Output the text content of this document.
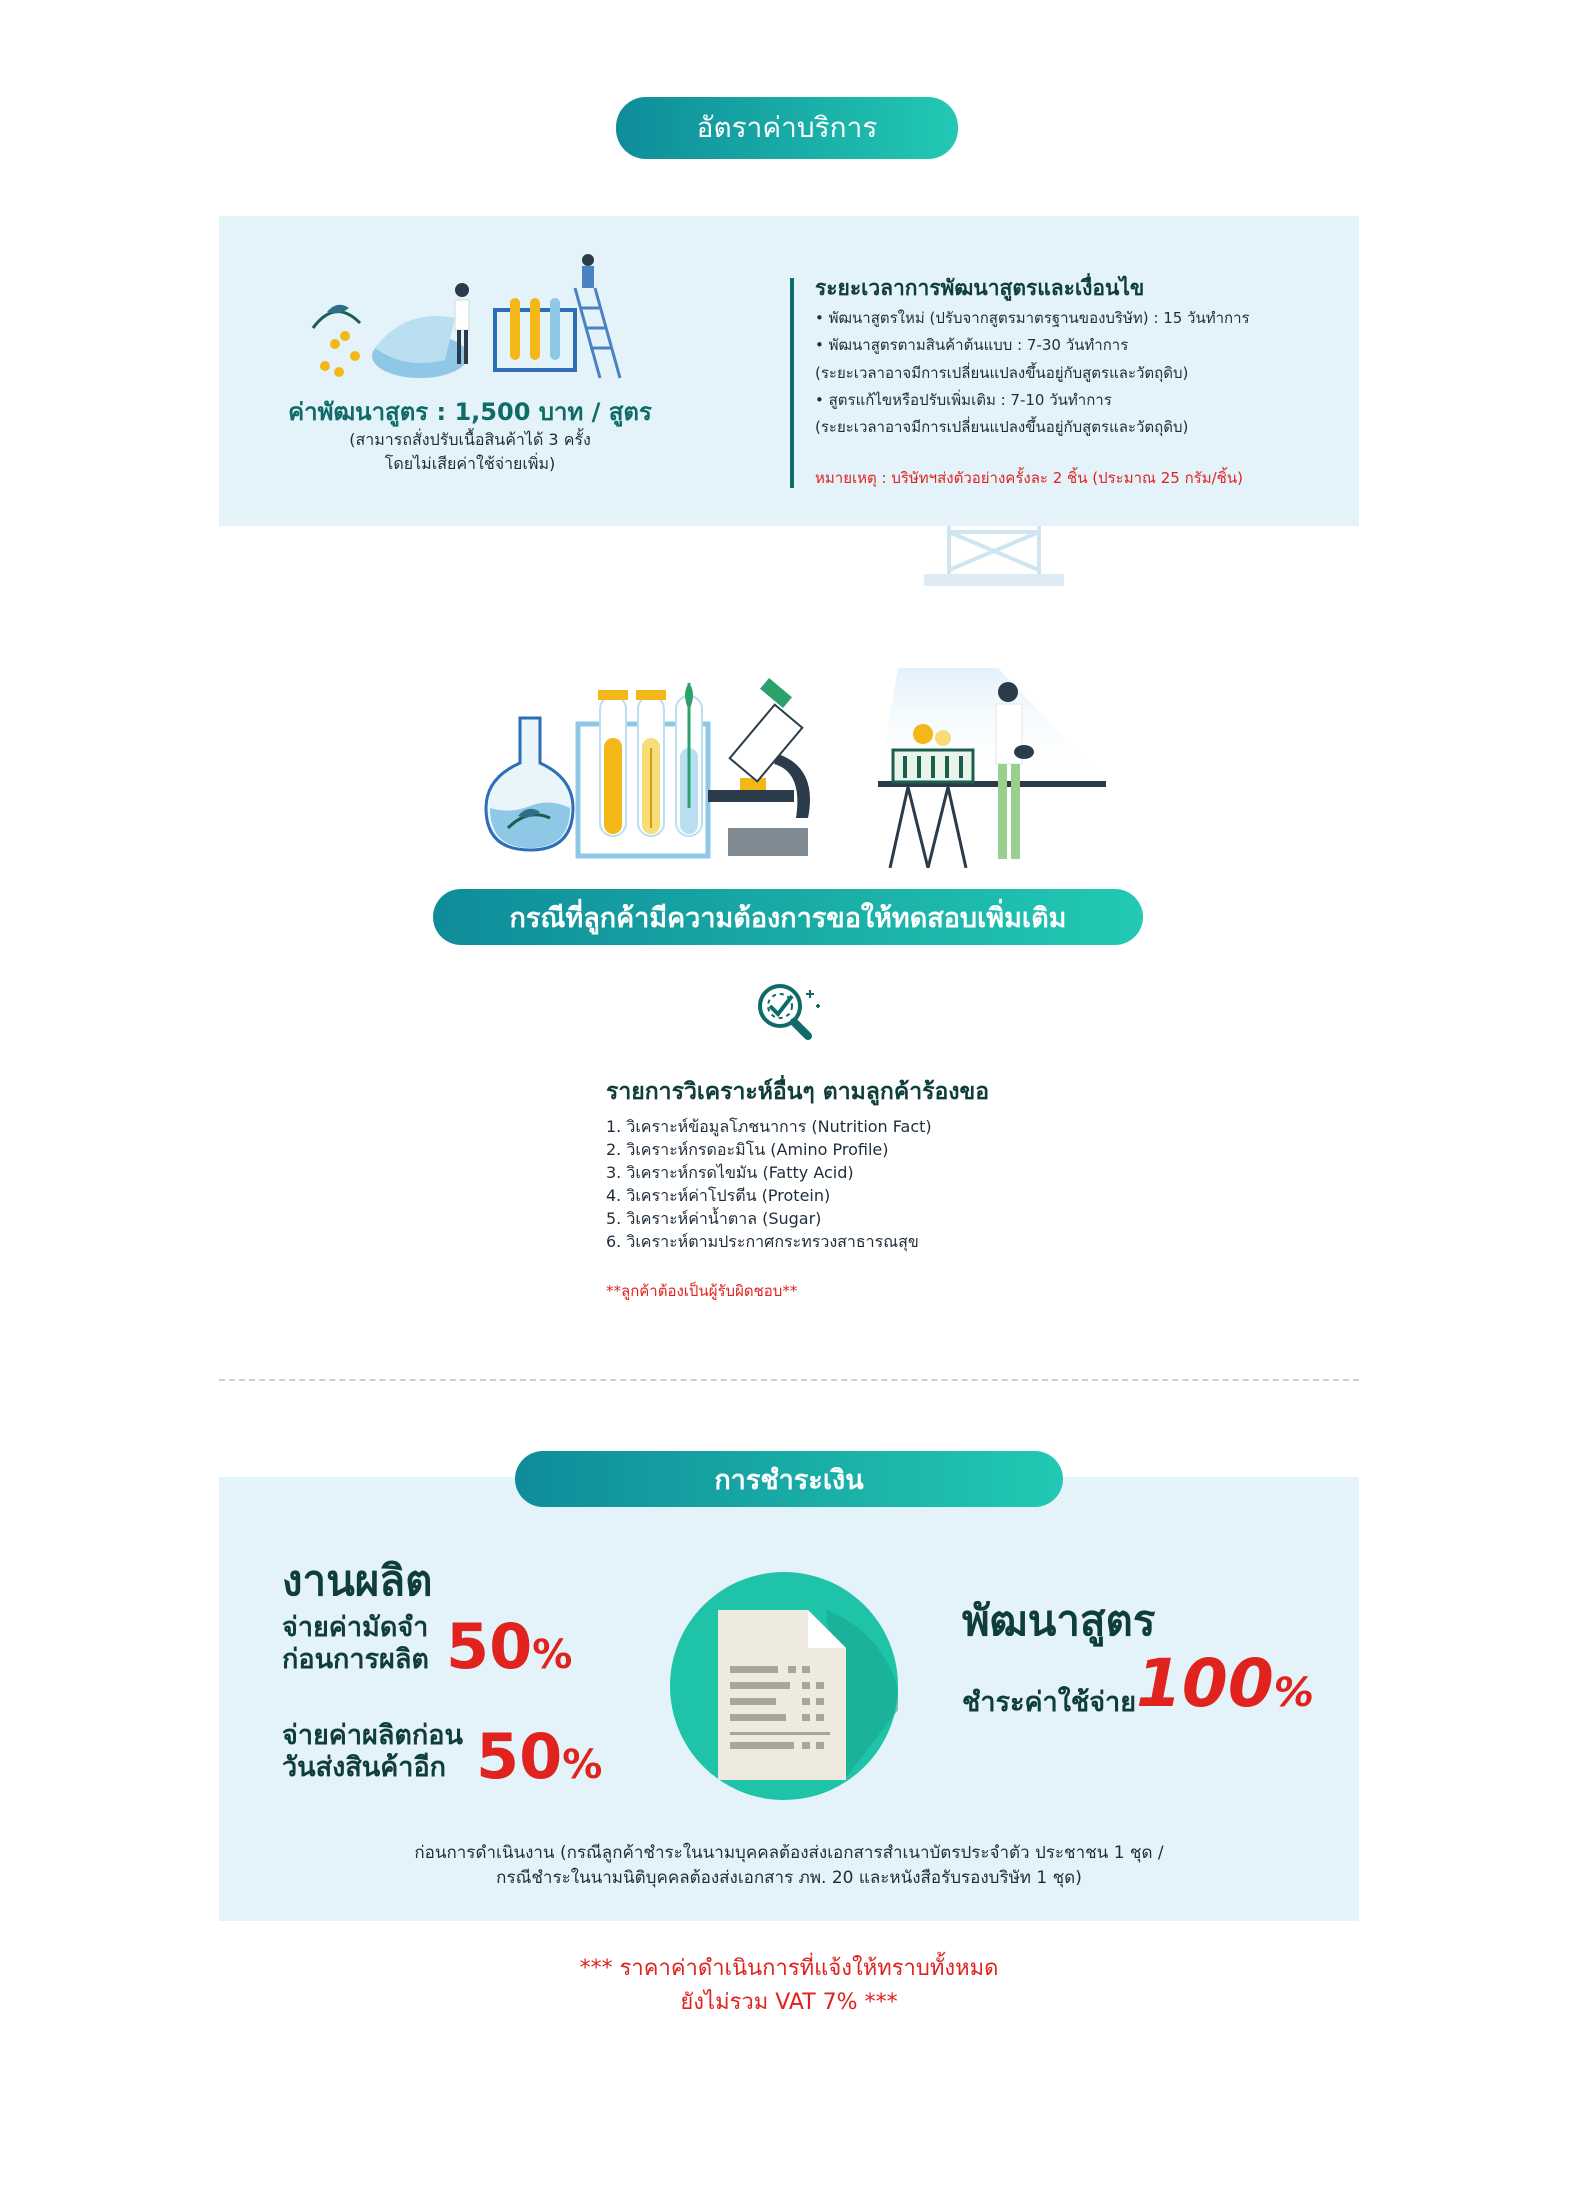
อัตราค่าบริการ
ค่าพัฒนาสูตร : 1,500 บาท / สูตร
(สามารถสั่งปรับเนื้อสินค้าได้ 3 ครั้ง
โดยไม่เสียค่าใช้จ่ายเพิ่ม)
ระยะเวลาการพัฒนาสูตรและเงื่อนไข
• พัฒนาสูตรใหม่ (ปรับจากสูตรมาตรฐานของบริษัท) : 15 วันทำการ
• พัฒนาสูตรตามสินค้าต้นแบบ : 7-30 วันทำการ
(ระยะเวลาอาจมีการเปลี่ยนแปลงขึ้นอยู่กับสูตรและวัตถุดิบ)
• สูตรแก้ไขหรือปรับเพิ่มเติม : 7-10 วันทำการ
(ระยะเวลาอาจมีการเปลี่ยนแปลงขึ้นอยู่กับสูตรและวัตถุดิบ)
หมายเหตุ : บริษัทฯส่งตัวอย่างครั้งละ 2 ชิ้น (ประมาณ 25 กรัม/ชิ้น)
กรณีที่ลูกค้ามีความต้องการขอให้ทดสอบเพิ่มเติม
รายการวิเคราะห์อื่นๆ ตามลูกค้าร้องขอ
1. วิเคราะห์ข้อมูลโภชนาการ (Nutrition Fact)
2. วิเคราะห์กรดอะมิโน (Amino Profile)
3. วิเคราะห์กรดไขมัน (Fatty Acid)
4. วิเคราะห์ค่าโปรตีน (Protein)
5. วิเคราะห์ค่าน้ำตาล (Sugar)
6. วิเคราะห์ตามประกาศกระทรวงสาธารณสุข
**ลูกค้าต้องเป็นผู้รับผิดชอบ**
การชำระเงิน
งานผลิต
จ่ายค่ามัดจำ
ก่อนการผลิต 50%
จ่ายค่าผลิตก่อน
วันส่งสินค้าอีก 50%
พัฒนาสูตร
ชำระค่าใช้จ่าย 100%
ก่อนการดำเนินงาน (กรณีลูกค้าชำระในนามบุคคลต้องส่งเอกสารสำเนาบัตรประจำตัว ประชาชน 1 ชุด /
กรณีชำระในนามนิติบุคคลต้องส่งเอกสาร ภพ. 20 และหนังสือรับรองบริษัท 1 ชุด)
*** ราคาค่าดำเนินการที่แจ้งให้ทราบทั้งหมด
ยังไม่รวม VAT 7% ***
